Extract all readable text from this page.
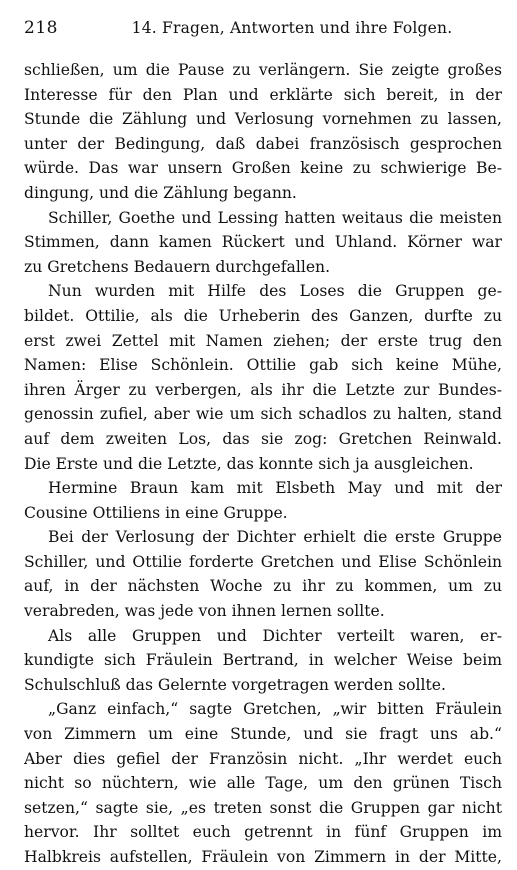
218	14. Fragen, Antworten und ihre Folgen.
schließen, um die Pause zu verlängern. Sie zeigte großes
Interesse für den Plan und erklärte sich bereit, in der
Stunde die Zählung und Verlosung vornehmen zu lassen,
unter der Bedingung, daß dabei französisch gesprochen
würde. Das war unsern Großen keine zu schwierige Be-
dingung, und die Zählung begann.
Schiller, Goethe und Lessing hatten weitaus die meisten
Stimmen, dann kamen Rückert und Uhland. Körner war
zu Gretchens Bedauern durchgefallen.
Nun wurden mit Hilfe des Loses die Gruppen ge-
bildet. Ottilie, als die Urheberin des Ganzen, durfte zu
erst zwei Zettel mit Namen ziehen; der erste trug den
Namen: Elise Schönlein. Ottilie gab sich keine Mühe,
ihren Ärger zu verbergen, als ihr die Letzte zur Bundes-
genossin zufiel, aber wie um sich schadlos zu halten, stand
auf dem zweiten Los, das sie zog: Gretchen Reinwald.
Die Erste und die Letzte, das konnte sich ja ausgleichen.
Hermine Braun kam mit Elsbeth May und mit der
Cousine Ottiliens in eine Gruppe.
Bei der Verlosung der Dichter erhielt die erste Gruppe
Schiller, und Ottilie forderte Gretchen und Elise Schönlein
auf, in der nächsten Woche zu ihr zu kommen, um zu
verabreden, was jede von ihnen lernen sollte.
Als alle Gruppen und Dichter verteilt waren, er-
kundigte sich Fräulein Bertrand, in welcher Weise beim
Schulschluß das Gelernte vorgetragen werden sollte.
„Ganz einfach,“ sagte Gretchen, „wir bitten Fräulein
von Zimmern um eine Stunde, und sie fragt uns ab.“
Aber dies gefiel der Französin nicht. „Ihr werdet euch
nicht so nüchtern, wie alle Tage, um den grünen Tisch
setzen,“ sagte sie, „es treten sonst die Gruppen gar nicht
hervor. Ihr solltet euch getrennt in fünf Gruppen im
Halbkreis aufstellen, Fräulein von Zimmern in der Mitte,
